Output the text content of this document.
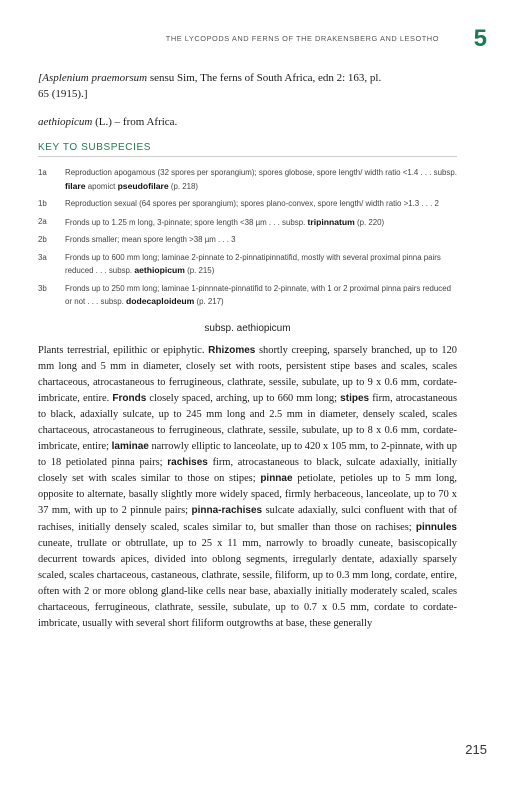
THE LYCOPODS AND FERNS OF THE DRAKENSBERG AND LESOTHO 5

[Asplenium praemorsum sensu Sim, The ferns of South Africa, edn 2: 163, pl.
65 (1915).]

aethiopicum (L.) – from Africa.

KEY TO SUBSPECIES
1a	Reproduction apogamous (32 spores per sporangium); spores globose, spore length/ width ratio <1.4 . . . subsp. filare apomict pseudofilare (p. 218)
1b	Reproduction sexual (64 spores per sporangium); spores plano-convex, spore length/ width ratio >1.3 . . . 2
2a	Fronds up to 1.25 m long, 3-pinnate; spore length <38 µm . . . subsp. tripinnatum (p. 220)
2b	Fronds smaller; mean spore length >38 µm . . . 3
3a	Fronds up to 600 mm long; laminae 2-pinnate to 2-pinnatipinnatifid, mostly with several proximal pinna pairs reduced . . . subsp. aethiopicum (p. 215)
3b	Fronds up to 250 mm long; laminae 1-pinnnate-pinnatifid to 2-pinnate, with 1 or 2 proximal pinna pairs reduced or not . . . subsp. dodecaploideum (p. 217)
subsp. aethiopicum

Plants terrestrial, epilithic or epiphytic. Rhizomes shortly creeping, sparsely branched, up to 120 mm long and 5 mm in diameter, closely set with roots, persistent stipe bases and scales, scales chartaceous, atrocastaneous to ferrugineous, clathrate, sessile, subulate, up to 9 x 0.6 mm, cordate-imbricate, entire. Fronds closely spaced, arching, up to 660 mm long; stipes firm, atrocastaneous to black, adaxially sulcate, up to 245 mm long and 2.5 mm in diameter, densely scaled, scales chartaceous, atrocastaneous to ferrugineous, clathrate, sessile, subulate, up to 8 x 0.6 mm, cordate-imbricate, entire; laminae narrowly elliptic to lanceolate, up to 420 x 105 mm, to 2-pinnate, with up to 18 petiolated pinna pairs; rachises firm, atrocastaneous to black, sulcate adaxially, initially closely set with scales similar to those on stipes; pinnae petiolate, petioles up to 5 mm long, opposite to alternate, basally slightly more widely spaced, firmly herbaceous, lanceolate, up to 70 x 37 mm, with up to 2 pinnule pairs; pinna-rachises sulcate adaxially, sulci confluent with that of rachises, initially densely scaled, scales similar to, but smaller than those on rachises; pinnules cuneate, trullate or obtrullate, up to 25 x 11 mm, narrowly to broadly cuneate, basiscopically decurrent towards apices, divided into oblong segments, irregularly dentate, adaxially sparsely scaled, scales chartaceous, castaneous, clathrate, sessile, filiform, up to 0.3 mm long, cordate, entire, often with 2 or more oblong gland-like cells near base, abaxially initially moderately scaled, scales chartaceous, ferrugineous, clathrate, sessile, subulate, up to 0.7 x 0.5 mm, cordate to cordate-imbricate, usually with several short filiform outgrowths at base, these generally

215
